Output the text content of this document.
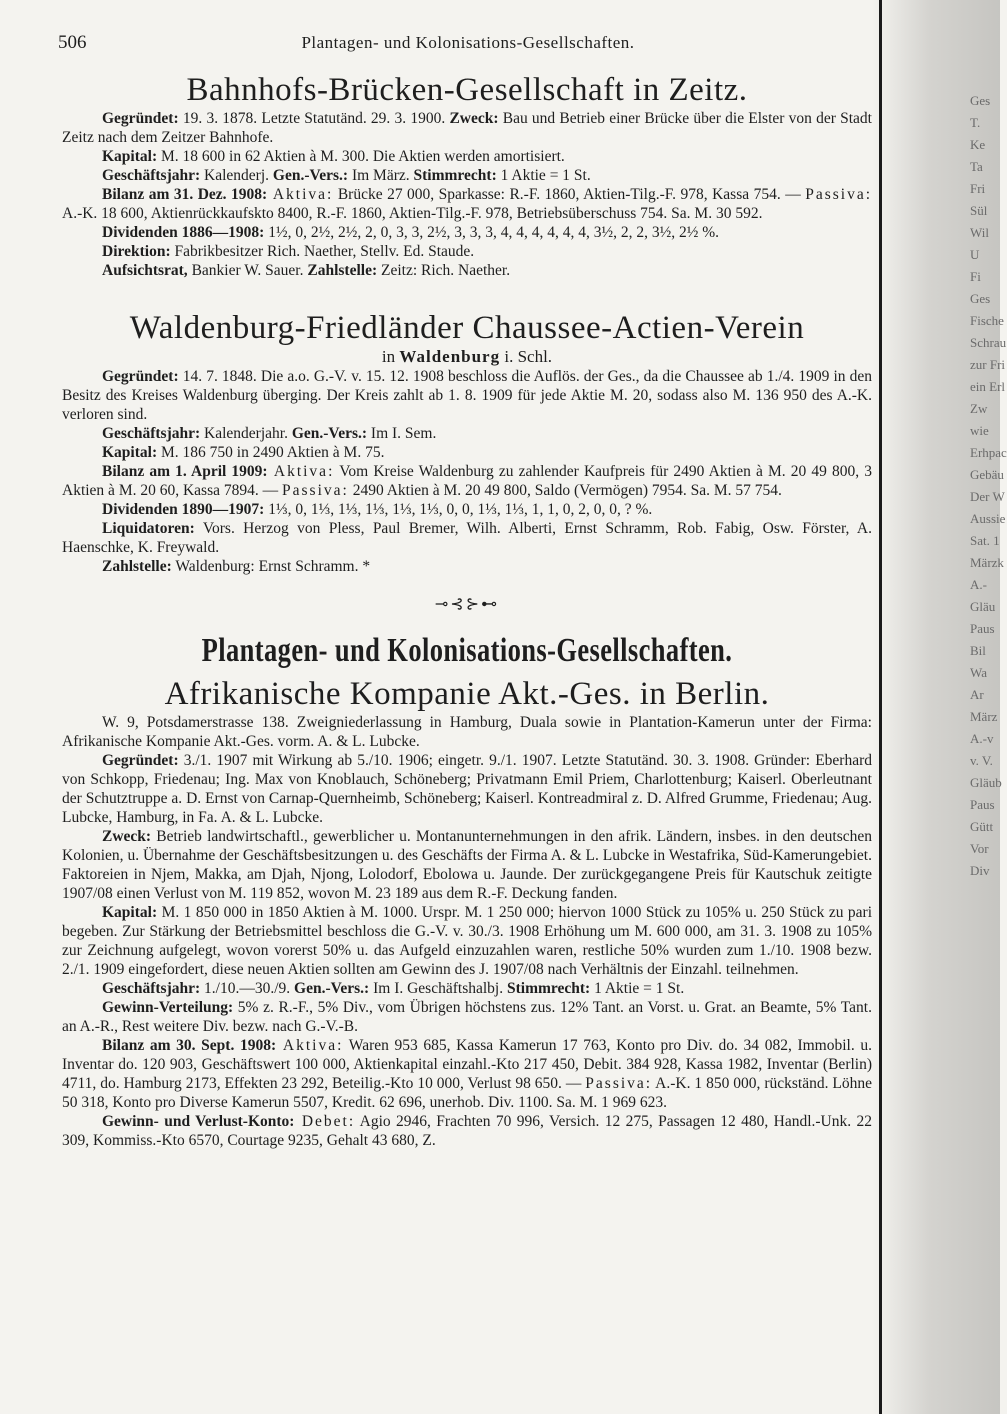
Ges
T.
Ke
Ta
Fri
Sül
Wil
U
Fi
Ges
Fische
Schrau
zur Fri
ein Erl
Zw
wie
Erhpac
Gebäu
Der W
Aussie
Sat. 1
Märzk
A.-
Gläu
Paus
Bil
Wa
Ar
März
A.-v
v. V.
Gläub
Paus
Gütt
Vor
Div
506	Plantagen- und Kolonisations-Gesellschaften.
Bahnhofs-Brücken-Gesellschaft in Zeitz.

Gegründet: 19. 3. 1878. Letzte Statutänd. 29. 3. 1900. Zweck: Bau und Betrieb einer Brücke über die Elster von der Stadt Zeitz nach dem Zeitzer Bahnhofe.

Kapital: M. 18 600 in 62 Aktien à M. 300. Die Aktien werden amortisiert.

Geschäftsjahr: Kalenderj. Gen.-Vers.: Im März. Stimmrecht: 1 Aktie = 1 St.

Bilanz am 31. Dez. 1908: Aktiva: Brücke 27 000, Sparkasse: R.-F. 1860, Aktien-Tilg.-F. 978, Kassa 754. — Passiva: A.-K. 18 600, Aktienrückkaufskto 8400, R.-F. 1860, Aktien-Tilg.-F. 978, Betriebsüberschuss 754. Sa. M. 30 592.

Dividenden 1886—1908: 1½, 0, 2½, 2½, 2, 0, 3, 3, 2½, 3, 3, 3, 4, 4, 4, 4, 4, 4, 3½, 2, 2, 3½, 2½ %.

Direktion: Fabrikbesitzer Rich. Naether, Stellv. Ed. Staude.

Aufsichtsrat, Bankier W. Sauer. Zahlstelle: Zeitz: Rich. Naether.

Waldenburg-Friedländer Chaussee-Actien-Verein
in Waldenburg i. Schl.

Gegründet: 14. 7. 1848. Die a.o. G.-V. v. 15. 12. 1908 beschloss die Auflös. der Ges., da die Chaussee ab 1./4. 1909 in den Besitz des Kreises Waldenburg überging. Der Kreis zahlt ab 1. 8. 1909 für jede Aktie M. 20, sodass also M. 136 950 des A.-K. verloren sind.

Geschäftsjahr: Kalenderjahr. Gen.-Vers.: Im I. Sem.

Kapital: M. 186 750 in 2490 Aktien à M. 75.

Bilanz am 1. April 1909: Aktiva: Vom Kreise Waldenburg zu zahlender Kaufpreis für 2490 Aktien à M. 20 49 800, 3 Aktien à M. 20 60, Kassa 7894. — Passiva: 2490 Aktien à M. 20 49 800, Saldo (Vermögen) 7954. Sa. M. 57 754.

Dividenden 1890—1907: 1⅓, 0, 1⅓, 1⅓, 1⅓, 1⅓, 1⅓, 0, 0, 1⅓, 1⅓, 1, 1, 0, 2, 0, 0, ? %.

Liquidatoren: Vors. Herzog von Pless, Paul Bremer, Wilh. Alberti, Ernst Schramm, Rob. Fabig, Osw. Förster, A. Haenschke, K. Freywald.

Zahlstelle: Waldenburg: Ernst Schramm. *

⊸⊰⊱⊷
Plantagen- und Kolonisations-Gesellschaften.
Afrikanische Kompanie Akt.-Ges. in Berlin.

W. 9, Potsdamerstrasse 138. Zweigniederlassung in Hamburg, Duala sowie in Plantation-Kamerun unter der Firma: Afrikanische Kompanie Akt.-Ges. vorm. A. & L. Lubcke.

Gegründet: 3./1. 1907 mit Wirkung ab 5./10. 1906; eingetr. 9./1. 1907. Letzte Statutänd. 30. 3. 1908. Gründer: Eberhard von Schkopp, Friedenau; Ing. Max von Knoblauch, Schöneberg; Privatmann Emil Priem, Charlottenburg; Kaiserl. Oberleutnant der Schutztruppe a. D. Ernst von Carnap-Quernheimb, Schöneberg; Kaiserl. Kontreadmiral z. D. Alfred Grumme, Friedenau; Aug. Lubcke, Hamburg, in Fa. A. & L. Lubcke.

Zweck: Betrieb landwirtschaftl., gewerblicher u. Montanunternehmungen in den afrik. Ländern, insbes. in den deutschen Kolonien, u. Übernahme der Geschäftsbesitzungen u. des Geschäfts der Firma A. & L. Lubcke in Westafrika, Süd-Kamerungebiet. Faktoreien in Njem, Makka, am Djah, Njong, Lolodorf, Ebolowa u. Jaunde. Der zurückgegangene Preis für Kautschuk zeitigte 1907/08 einen Verlust von M. 119 852, wovon M. 23 189 aus dem R.-F. Deckung fanden.

Kapital: M. 1 850 000 in 1850 Aktien à M. 1000. Urspr. M. 1 250 000; hiervon 1000 Stück zu 105% u. 250 Stück zu pari begeben. Zur Stärkung der Betriebsmittel beschloss die G.-V. v. 30./3. 1908 Erhöhung um M. 600 000, am 31. 3. 1908 zu 105% zur Zeichnung aufgelegt, wovon vorerst 50% u. das Aufgeld einzuzahlen waren, restliche 50% wurden zum 1./10. 1908 bezw. 2./1. 1909 eingefordert, diese neuen Aktien sollten am Gewinn des J. 1907/08 nach Verhältnis der Einzahl. teilnehmen.

Geschäftsjahr: 1./10.—30./9. Gen.-Vers.: Im I. Geschäftshalbj. Stimmrecht: 1 Aktie = 1 St.

Gewinn-Verteilung: 5% z. R.-F., 5% Div., vom Übrigen höchstens zus. 12% Tant. an Vorst. u. Grat. an Beamte, 5% Tant. an A.-R., Rest weitere Div. bezw. nach G.-V.-B.

Bilanz am 30. Sept. 1908: Aktiva: Waren 953 685, Kassa Kamerun 17 763, Konto pro Div. do. 34 082, Immobil. u. Inventar do. 120 903, Geschäftswert 100 000, Aktienkapital einzahl.-Kto 217 450, Debit. 384 928, Kassa 1982, Inventar (Berlin) 4711, do. Hamburg 2173, Effekten 23 292, Beteilig.-Kto 10 000, Verlust 98 650. — Passiva: A.-K. 1 850 000, rückständ. Löhne 50 318, Konto pro Diverse Kamerun 5507, Kredit. 62 696, unerhob. Div. 1100. Sa. M. 1 969 623.

Gewinn- und Verlust-Konto: Debet: Agio 2946, Frachten 70 996, Versich. 12 275, Passagen 12 480, Handl.-Unk. 22 309, Kommiss.-Kto 6570, Courtage 9235, Gehalt 43 680, Z.
